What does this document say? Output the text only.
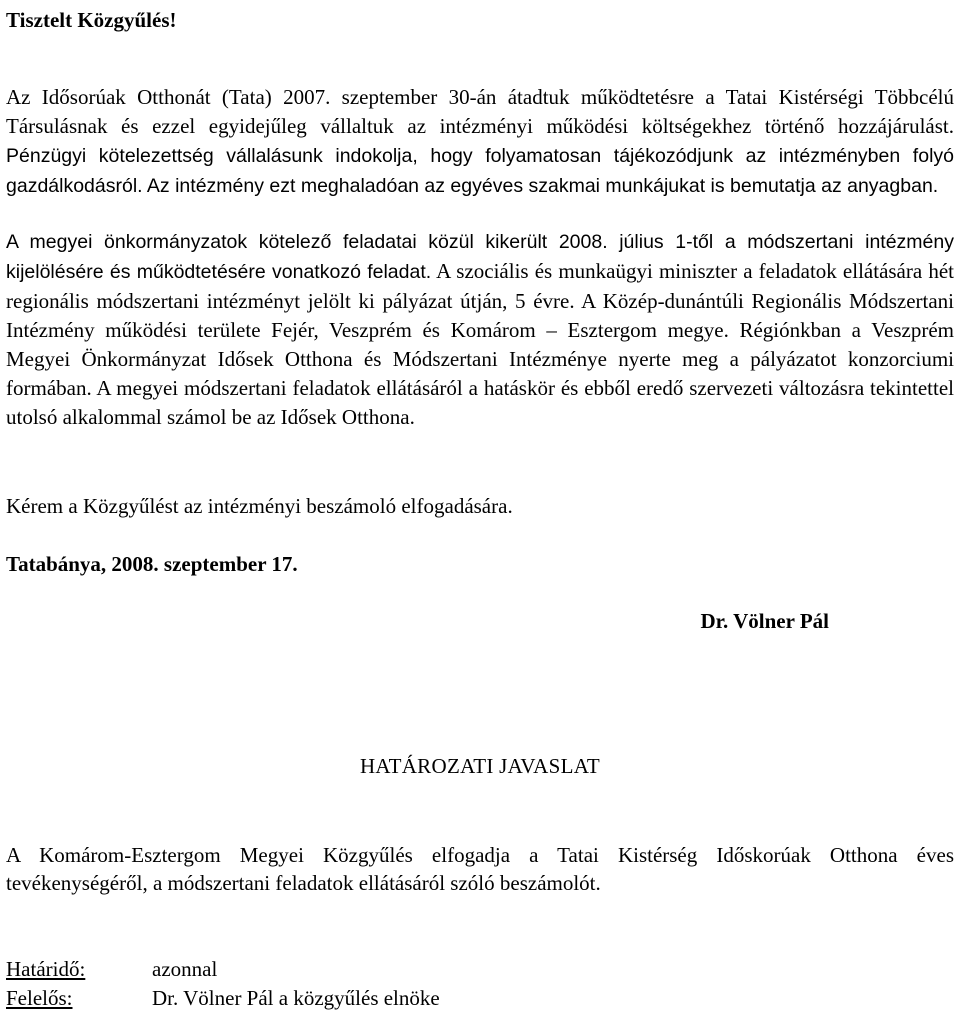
Tisztelt Közgyűlés!

Az Idősorúak Otthonát (Tata) 2007. szeptember 30-án átadtuk működtetésre a Tatai Kistérségi Többcélú Társulásnak és ezzel egyidejűleg vállaltuk az intézményi működési költségekhez történő hozzájárulást. Pénzügyi kötelezettség vállalásunk indokolja, hogy folyamatosan tájékozódjunk az intézményben folyó gazdálkodásról. Az intézmény ezt meghaladóan az egyéves szakmai munkájukat is bemutatja az anyagban.

A megyei önkormányzatok kötelező feladatai közül kikerült 2008. július 1-től a módszertani intézmény kijelölésére és működtetésére vonatkozó feladat. A szociális és munkaügyi miniszter a feladatok ellátására hét regionális módszertani intézményt jelölt ki pályázat útján, 5 évre. A Közép-dunántúli Regionális Módszertani Intézmény működési területe Fejér, Veszprém és Komárom – Esztergom megye. Régiónkban a Veszprém Megyei Önkormányzat Idősek Otthona és Módszertani Intézménye nyerte meg a pályázatot konzorciumi formában. A megyei módszertani feladatok ellátásáról a hatáskör és ebből eredő szervezeti változásra tekintettel utolsó alkalommal számol be az Idősek Otthona.

Kérem a Közgyűlést az intézményi beszámoló elfogadására.

Tatabánya, 2008. szeptember 17.

Dr. Völner Pál

HATÁROZATI JAVASLAT

A Komárom-Esztergom Megyei Közgyűlés elfogadja a Tatai Kistérség Időskorúak Otthona éves tevékenységéről, a módszertani feladatok ellátásáról szóló beszámolót.

Határidő:	azonnal

Felelős:	Dr. Völner Pál a közgyűlés elnöke
